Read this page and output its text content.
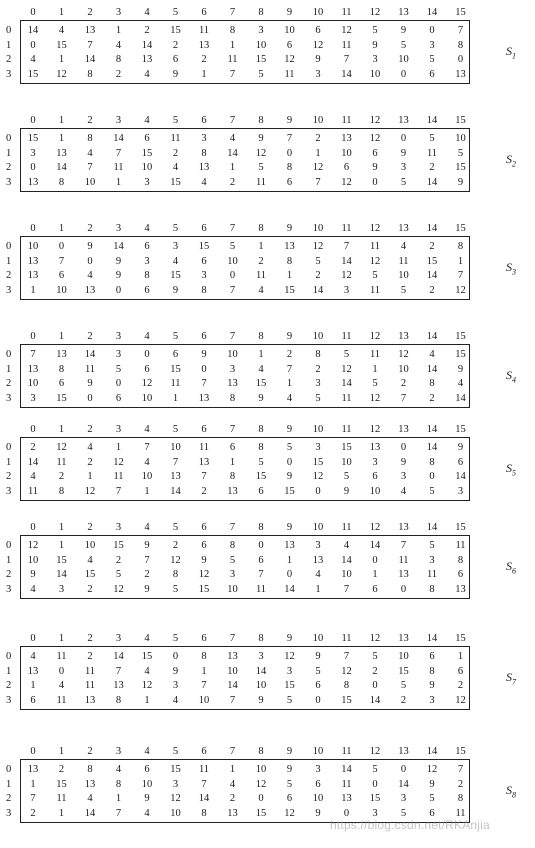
0	1	2	3	4	5	6	7	8	9	10	11	12	13	14	15
0	14	4	13	1	2	15	11	8	3	10	6	12	5	9	0	7
1	0	15	7	4	14	2	13	1	10	6	12	11	9	5	3	8
2	4	1	14	8	13	6	2	11	15	12	9	7	3	10	5	0
3	15	12	8	2	4	9	1	7	5	11	3	14	10	0	6	13
$S_1$
0	1	2	3	4	5	6	7	8	9	10	11	12	13	14	15
0	15	1	8	14	6	11	3	4	9	7	2	13	12	0	5	10
1	3	13	4	7	15	2	8	14	12	0	1	10	6	9	11	5
2	0	14	7	11	10	4	13	1	5	8	12	6	9	3	2	15
3	13	8	10	1	3	15	4	2	11	6	7	12	0	5	14	9
$S_2$
0	1	2	3	4	5	6	7	8	9	10	11	12	13	14	15
0	10	0	9	14	6	3	15	5	1	13	12	7	11	4	2	8
1	13	7	0	9	3	4	6	10	2	8	5	14	12	11	15	1
2	13	6	4	9	8	15	3	0	11	1	2	12	5	10	14	7
3	1	10	13	0	6	9	8	7	4	15	14	3	11	5	2	12
$S_3$
0	1	2	3	4	5	6	7	8	9	10	11	12	13	14	15
0	7	13	14	3	0	6	9	10	1	2	8	5	11	12	4	15
1	13	8	11	5	6	15	0	3	4	7	2	12	1	10	14	9
2	10	6	9	0	12	11	7	13	15	1	3	14	5	2	8	4
3	3	15	0	6	10	1	13	8	9	4	5	11	12	7	2	14
$S_4$
0	1	2	3	4	5	6	7	8	9	10	11	12	13	14	15
0	2	12	4	1	7	10	11	6	8	5	3	15	13	0	14	9
1	14	11	2	12	4	7	13	1	5	0	15	10	3	9	8	6
2	4	2	1	11	10	13	7	8	15	9	12	5	6	3	0	14
3	11	8	12	7	1	14	2	13	6	15	0	9	10	4	5	3
$S_5$
0	1	2	3	4	5	6	7	8	9	10	11	12	13	14	15
0	12	1	10	15	9	2	6	8	0	13	3	4	14	7	5	11
1	10	15	4	2	7	12	9	5	6	1	13	14	0	11	3	8
2	9	14	15	5	2	8	12	3	7	0	4	10	1	13	11	6
3	4	3	2	12	9	5	15	10	11	14	1	7	6	0	8	13
$S_6$
0	1	2	3	4	5	6	7	8	9	10	11	12	13	14	15
0	4	11	2	14	15	0	8	13	3	12	9	7	5	10	6	1
1	13	0	11	7	4	9	1	10	14	3	5	12	2	15	8	6
2	1	4	11	13	12	3	7	14	10	15	6	8	0	5	9	2
3	6	11	13	8	1	4	10	7	9	5	0	15	14	2	3	12
$S_7$
0	1	2	3	4	5	6	7	8	9	10	11	12	13	14	15
0	13	2	8	4	6	15	11	1	10	9	3	14	5	0	12	7
1	1	15	13	8	10	3	7	4	12	5	6	11	0	14	9	2
2	7	11	4	1	9	12	14	2	0	6	10	13	15	3	5	8
3	2	1	14	7	4	10	8	13	15	12	9	0	3	5	6	11
$S_8$
https://blog.csdn.net/RKAnjia
